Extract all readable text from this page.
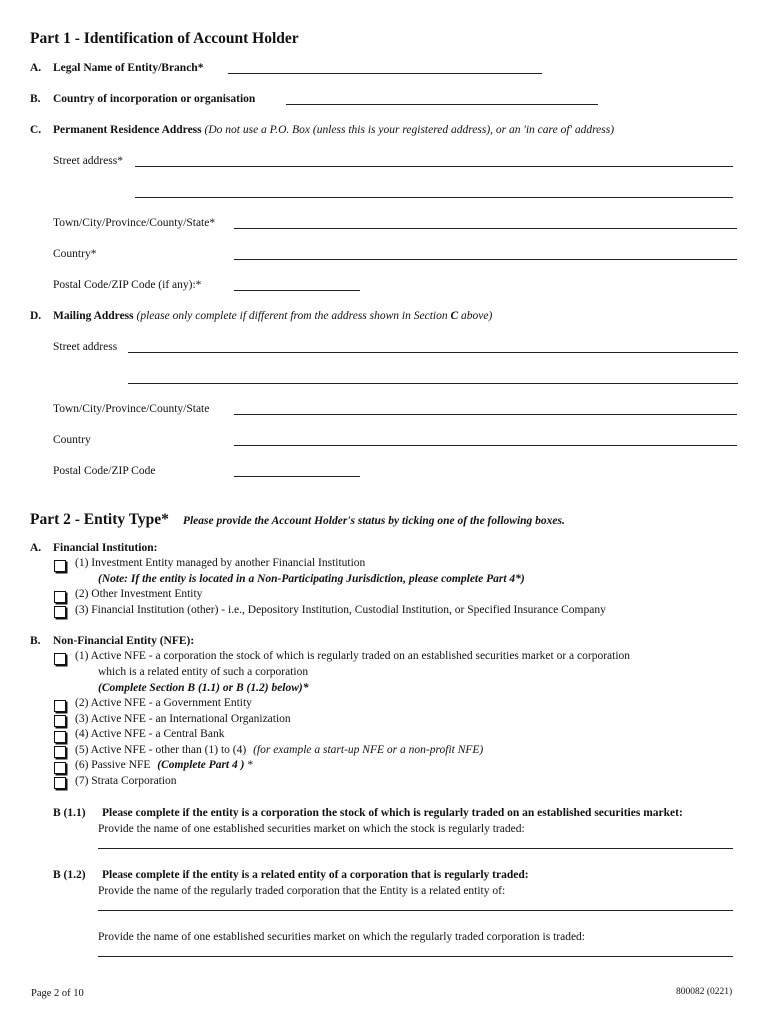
Part 1 - Identification of Account Holder
A. Legal Name of Entity/Branch*
B. Country of incorporation or organisation
C. Permanent Residence Address (Do not use a P.O. Box (unless this is your registered address), or an 'in care of' address)
Street address*
Town/City/Province/County/State*
Country*
Postal Code/ZIP Code (if any):*
D. Mailing Address (please only complete if different from the address shown in Section C above)
Street address
Town/City/Province/County/State
Country
Postal Code/ZIP Code
Part 2 - Entity Type* Please provide the Account Holder's status by ticking one of the following boxes.
A. Financial Institution:
(1) Investment Entity managed by another Financial Institution
(Note: If the entity is located in a Non-Participating Jurisdiction, please complete Part 4*)
(2) Other Investment Entity
(3) Financial Institution (other) - i.e., Depository Institution, Custodial Institution, or Specified Insurance Company
B. Non-Financial Entity (NFE):
(1) Active NFE - a corporation the stock of which is regularly traded on an established securities market or a corporation
which is a related entity of such a corporation
(Complete Section B (1.1) or B (1.2) below)*
(2) Active NFE - a Government Entity
(3) Active NFE - an International Organization
(4) Active NFE - a Central Bank
(5) Active NFE - other than (1) to (4) (for example a start-up NFE or a non-profit NFE)
(6) Passive NFE (Complete Part 4 ) *
(7) Strata Corporation
B (1.1) Please complete if the entity is a corporation the stock of which is regularly traded on an established securities market:
Provide the name of one established securities market on which the stock is regularly traded:
B (1.2) Please complete if the entity is a related entity of a corporation that is regularly traded:
Provide the name of the regularly traded corporation that the Entity is a related entity of:
Provide the name of one established securities market on which the regularly traded corporation is traded:
Page 2 of 10	800082 (0221)
